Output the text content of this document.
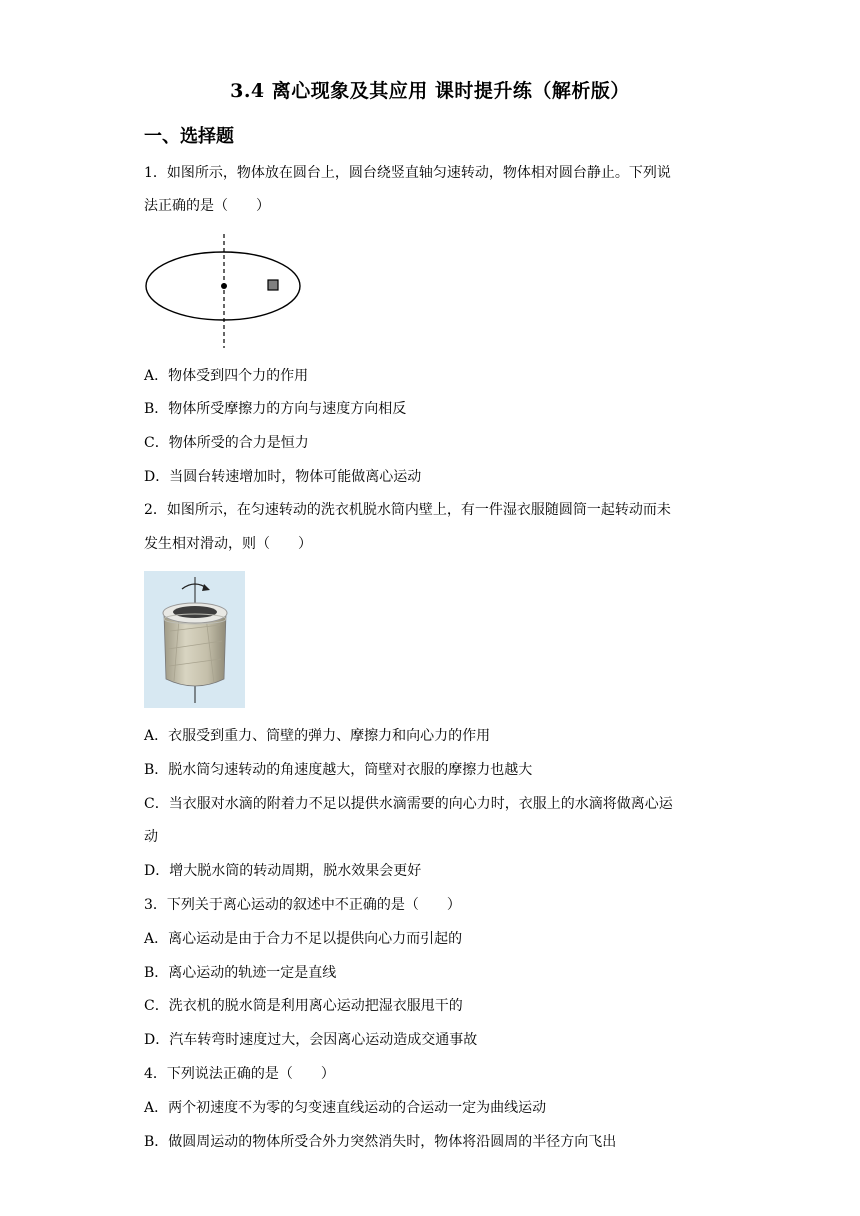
3.4 离心现象及其应用 课时提升练（解析版）
一、选择题
1．如图所示，物体放在圆台上，圆台绕竖直轴匀速转动，物体相对圆台静止。下列说
法正确的是（　　）
A．物体受到四个力的作用
B．物体所受摩擦力的方向与速度方向相反
C．物体所受的合力是恒力
D．当圆台转速增加时，物体可能做离心运动
2．如图所示，在匀速转动的洗衣机脱水筒内壁上，有一件湿衣服随圆筒一起转动而未
发生相对滑动，则（　　）
A．衣服受到重力、筒壁的弹力、摩擦力和向心力的作用
B．脱水筒匀速转动的角速度越大，筒壁对衣服的摩擦力也越大
C．当衣服对水滴的附着力不足以提供水滴需要的向心力时，衣服上的水滴将做离心运
动
D．增大脱水筒的转动周期，脱水效果会更好
3．下列关于离心运动的叙述中不正确的是（　　）
A．离心运动是由于合力不足以提供向心力而引起的
B．离心运动的轨迹一定是直线
C．洗衣机的脱水筒是利用离心运动把湿衣服甩干的
D．汽车转弯时速度过大，会因离心运动造成交通事故
4．下列说法正确的是（　　）
A．两个初速度不为零的匀变速直线运动的合运动一定为曲线运动
B．做圆周运动的物体所受合外力突然消失时，物体将沿圆周的半径方向飞出
